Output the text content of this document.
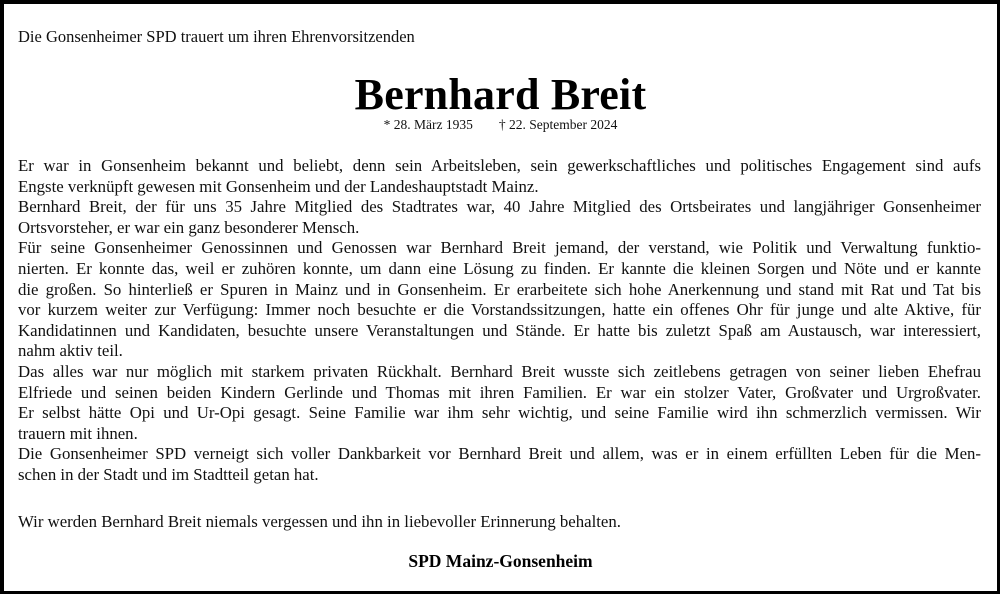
Die Gonsenheimer SPD trauert um ihren Ehrenvorsitzenden
Bernhard Breit
* 28. März 1935 † 22. September 2024
Er war in Gonsenheim bekannt und beliebt, denn sein Arbeitsleben, sein gewerkschaftliches und politisches Engagement sind aufs
Engste verknüpft gewesen mit Gonsenheim und der Landeshauptstadt Mainz.
Bernhard Breit, der für uns 35 Jahre Mitglied des Stadtrates war, 40 Jahre Mitglied des Ortsbeirates und langjähriger Gonsenheimer
Ortsvorsteher, er war ein ganz besonderer Mensch.
Für seine Gonsenheimer Genossinnen und Genossen war Bernhard Breit jemand, der verstand, wie Politik und Verwaltung funktio-
nierten. Er konnte das, weil er zuhören konnte, um dann eine Lösung zu finden. Er kannte die kleinen Sorgen und Nöte und er kannte
die großen. So hinterließ er Spuren in Mainz und in Gonsenheim. Er erarbeitete sich hohe Anerkennung und stand mit Rat und Tat bis
vor kurzem weiter zur Verfügung: Immer noch besuchte er die Vorstandssitzungen, hatte ein offenes Ohr für junge und alte Aktive, für
Kandidatinnen und Kandidaten, besuchte unsere Veranstaltungen und Stände. Er hatte bis zuletzt Spaß am Austausch, war interessiert,
nahm aktiv teil.
Das alles war nur möglich mit starkem privaten Rückhalt. Bernhard Breit wusste sich zeitlebens getragen von seiner lieben Ehefrau
Elfriede und seinen beiden Kindern Gerlinde und Thomas mit ihren Familien. Er war ein stolzer Vater, Großvater und Urgroßvater.
Er selbst hätte Opi und Ur-Opi gesagt. Seine Familie war ihm sehr wichtig, und seine Familie wird ihn schmerzlich vermissen. Wir
trauern mit ihnen.
Die Gonsenheimer SPD verneigt sich voller Dankbarkeit vor Bernhard Breit und allem, was er in einem erfüllten Leben für die Men-
schen in der Stadt und im Stadtteil getan hat.
Wir werden Bernhard Breit niemals vergessen und ihn in liebevoller Erinnerung behalten.
SPD Mainz-Gonsenheim
